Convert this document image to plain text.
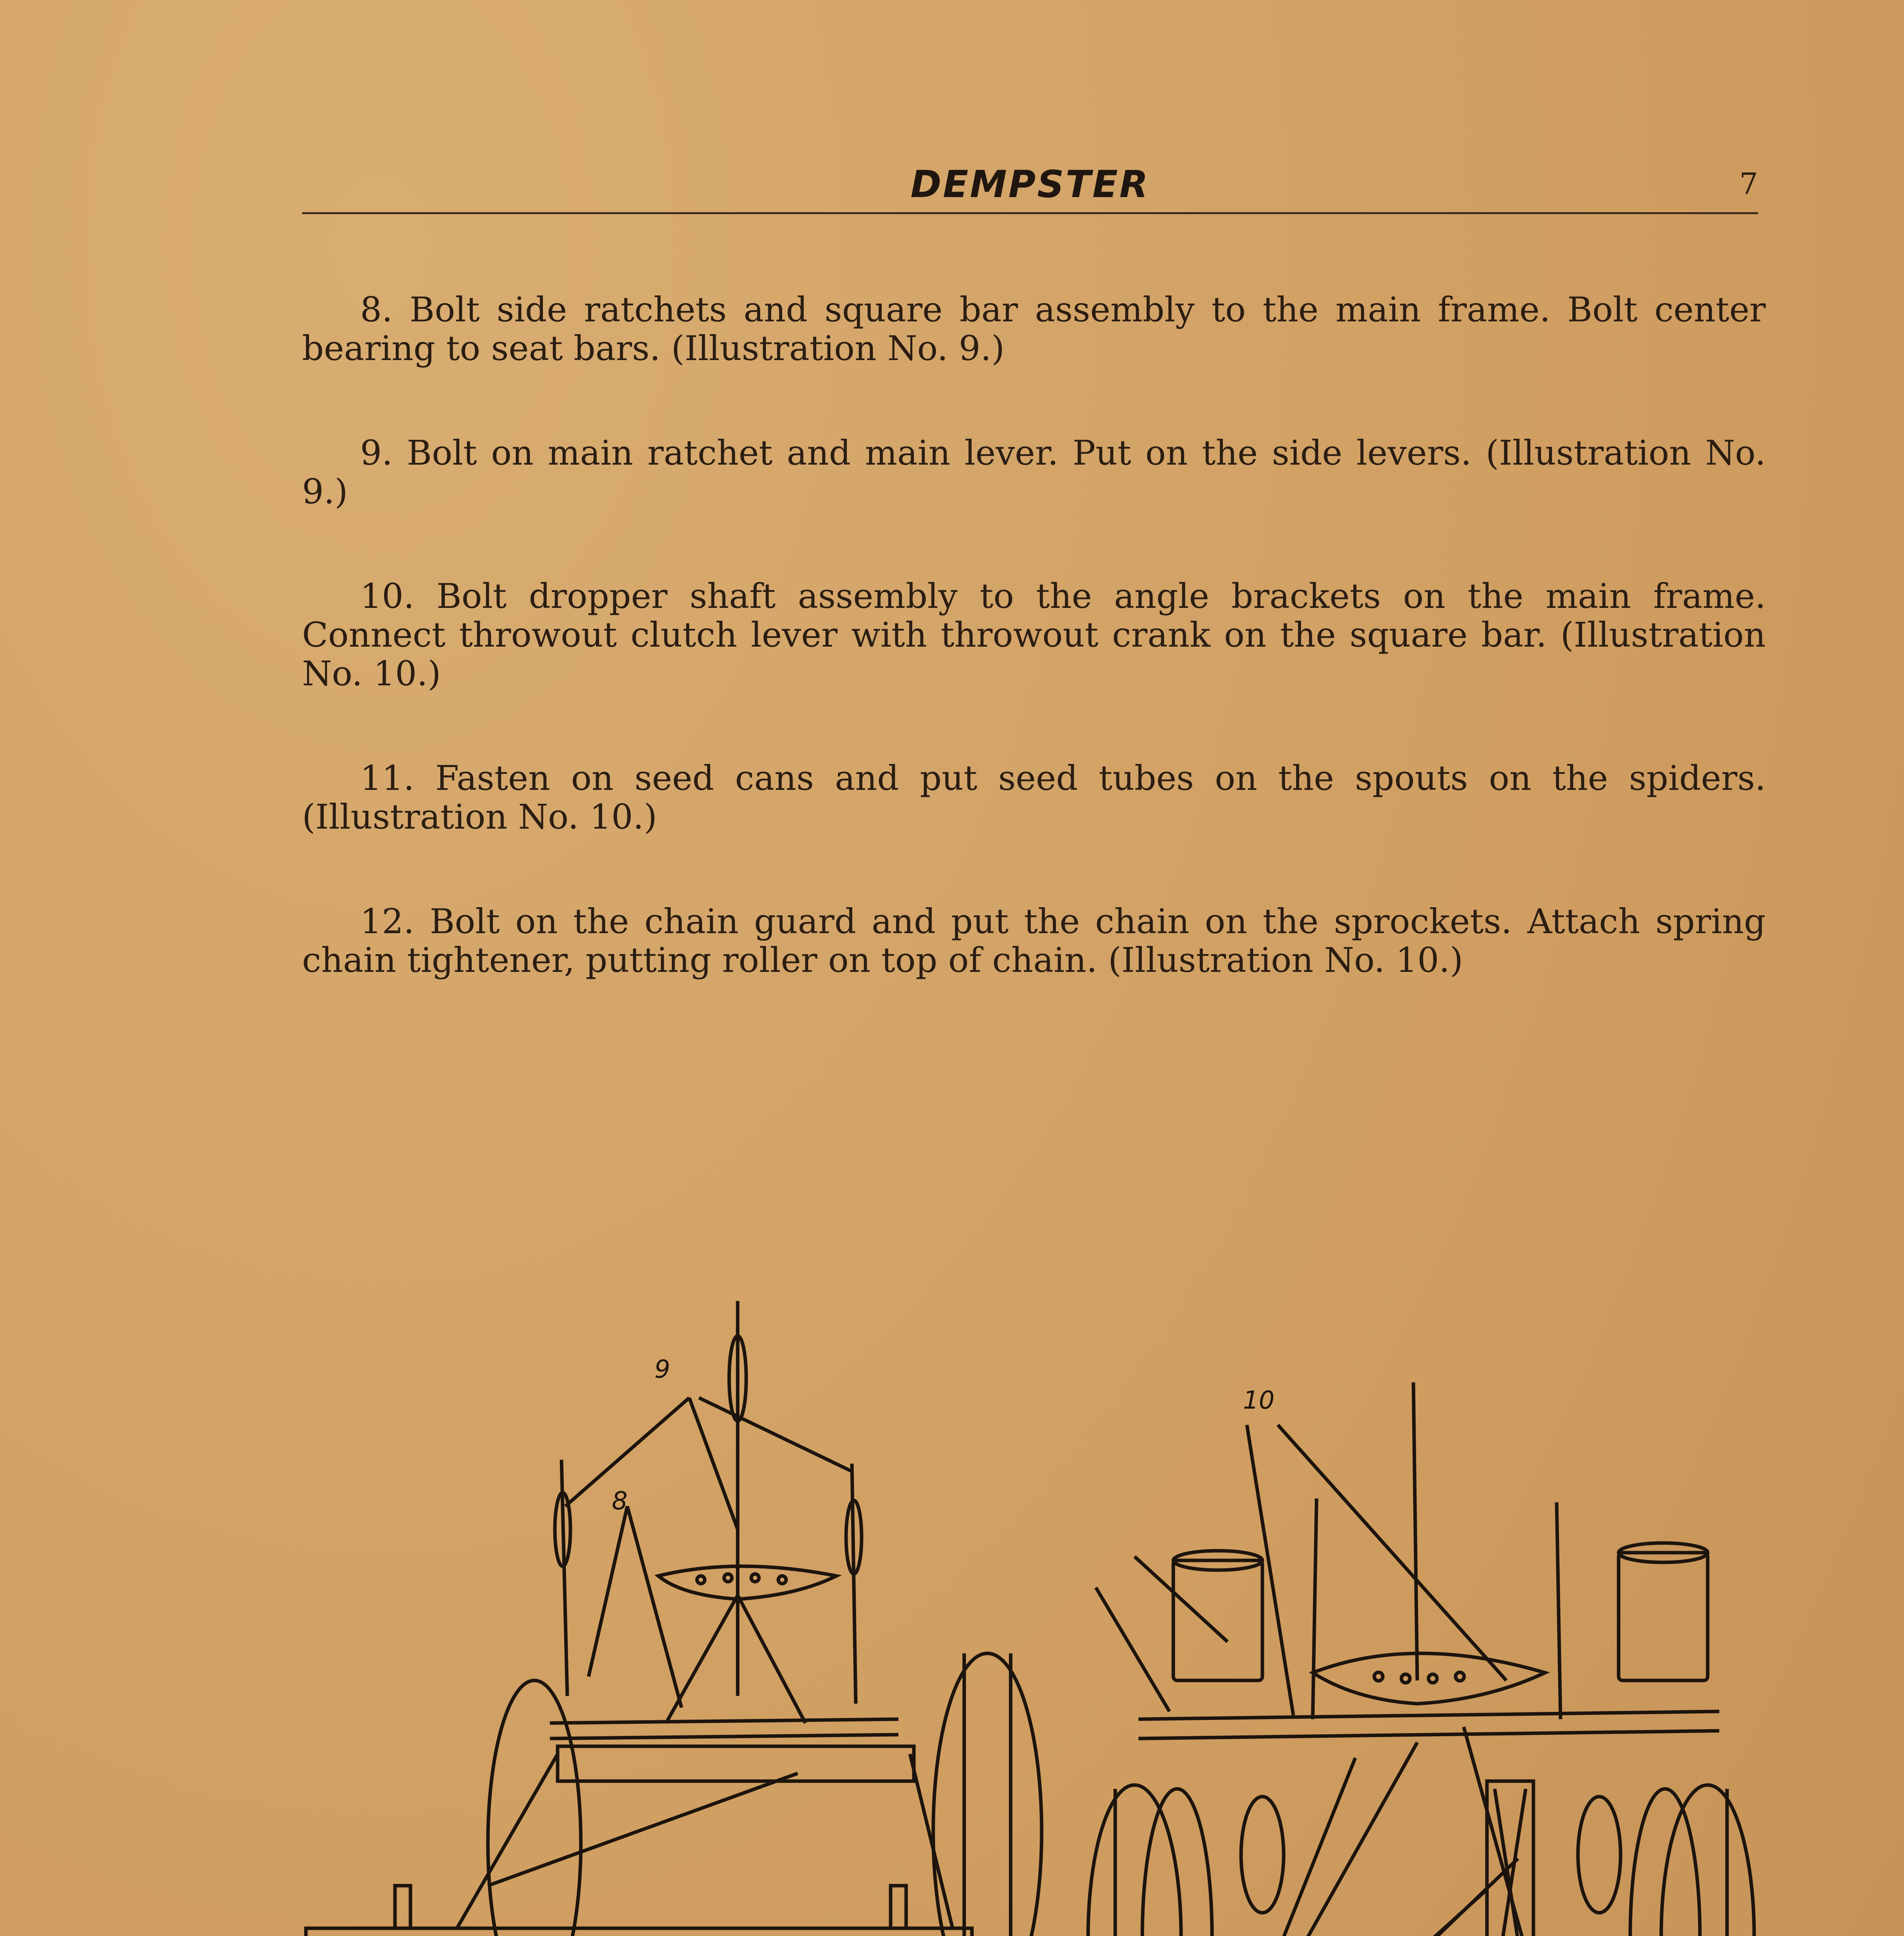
DEMPSTER	7

8. Bolt side ratchets and square bar assembly to the main frame. Bolt center bearing to seat bars. (Illustration No. 9.)

9. Bolt on main ratchet and main lever. Put on the side levers. (Illustration No. 9.)

10. Bolt dropper shaft assembly to the angle brackets on the main frame. Connect throwout clutch lever with throwout crank on the square bar. (Illustration No. 10.)

11. Fasten on seed cans and put seed tubes on the spouts on the spiders. (Illustration No. 10.)

12. Bolt on the chain guard and put the chain on the sprockets. Attach spring chain tightener, putting roller on top of chain. (Illustration No. 10.)

9
8
10
